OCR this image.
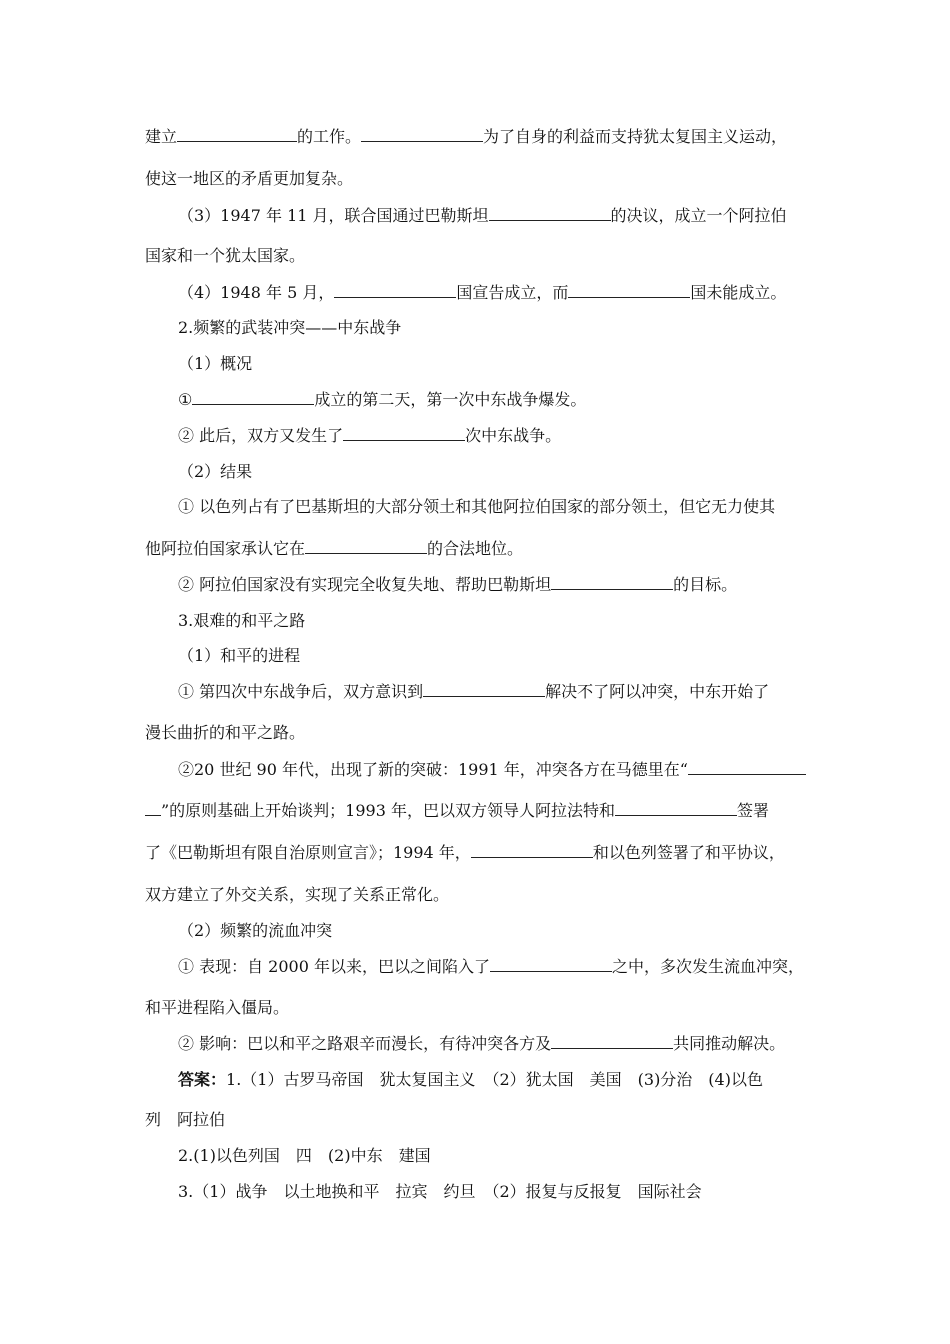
建立	的工作。	为了自身的利益而支持犹太复国主义运动，
使这一地区的矛盾更加复杂。
（3）1947 年 11 月，联合国通过巴勒斯坦	的决议，成立一个阿拉伯
国家和一个犹太国家。
（4）1948 年 5 月，	国宣告成立，而	国未能成立。
2.频繁的武装冲突——中东战争
（1）概况
①	成立的第二天，第一次中东战争爆发。
② 此后，双方又发生了	次中东战争。
（2）结果
① 以色列占有了巴基斯坦的大部分领土和其他阿拉伯国家的部分领土，但它无力使其
他阿拉伯国家承认它在	的合法地位。
② 阿拉伯国家没有实现完全收复失地、帮助巴勒斯坦	的目标。
3.艰难的和平之路
（1）和平的进程
① 第四次中东战争后，双方意识到	解决不了阿以冲突，中东开始了
漫长曲折的和平之路。
②20 世纪 90 年代，出现了新的突破：1991 年，冲突各方在马德里在“
”的原则基础上开始谈判；1993 年，巴以双方领导人阿拉法特和	签署
了《巴勒斯坦有限自治原则宣言》；1994 年，	和以色列签署了和平协议，
双方建立了外交关系，实现了关系正常化。
（2）频繁的流血冲突
① 表现：自 2000 年以来，巴以之间陷入了	之中，多次发生流血冲突，
和平进程陷入僵局。
② 影响：巴以和平之路艰辛而漫长，有待冲突各方及	共同推动解决。
答案：1.（1）古罗马帝国　犹太复国主义　（2）犹太国　美国　(3)分治　(4)以色
列　阿拉伯
2.(1)以色列国　四　(2)中东　建国
3.（1）战争　以土地换和平　拉宾　约旦　（2）报复与反报复　国际社会
